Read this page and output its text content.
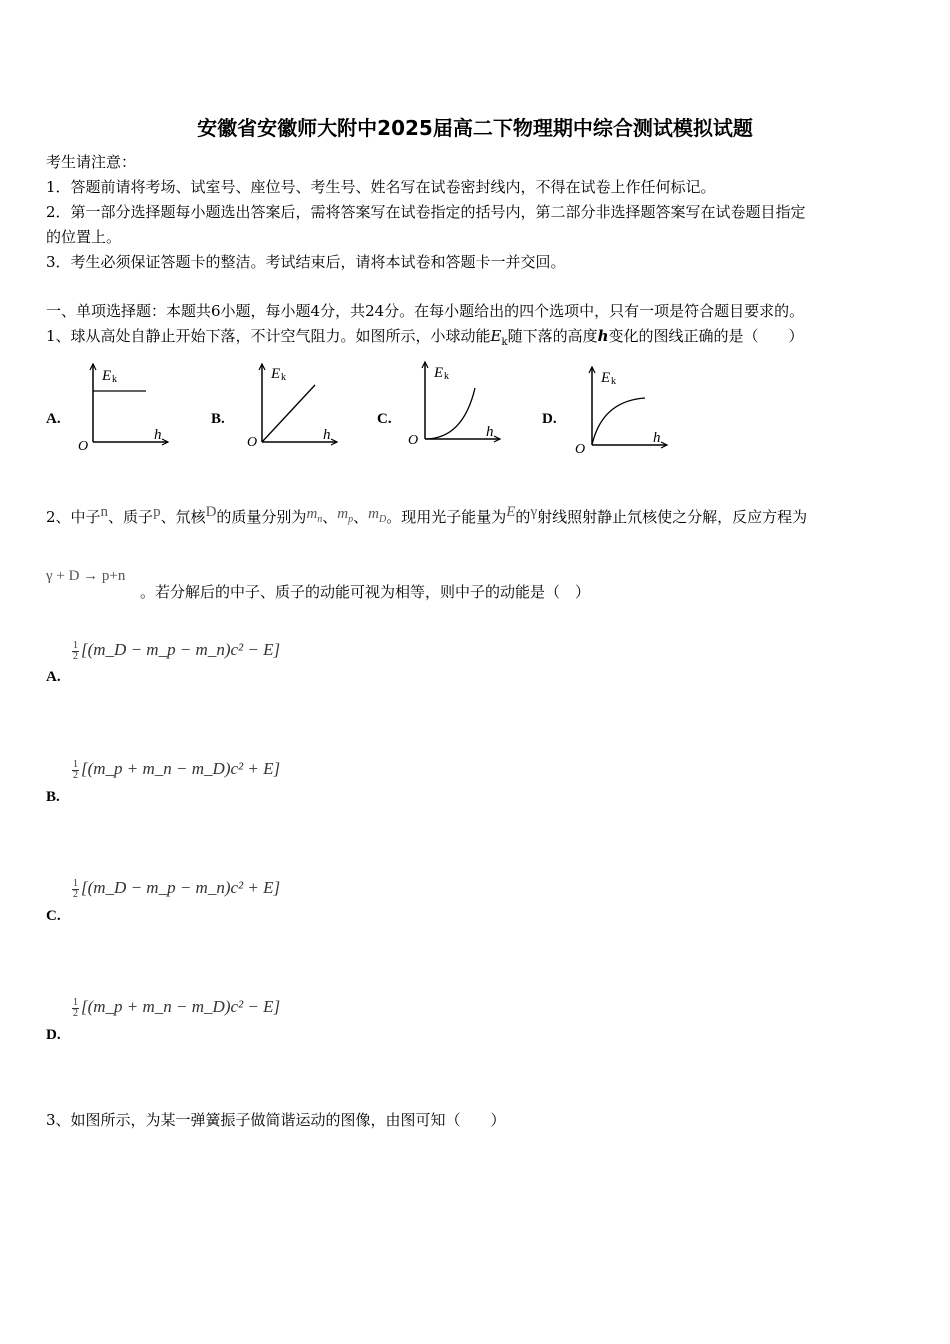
安徽省安徽师大附中2025届高二下物理期中综合测试模拟试题
考生请注意：
1．答题前请将考场、试室号、座位号、考生号、姓名写在试卷密封线内，不得在试卷上作任何标记。
2．第一部分选择题每小题选出答案后，需将答案写在试卷指定的括号内，第二部分非选择题答案写在试卷题目指定
的位置上。
3．考生必须保证答题卡的整洁。考试结束后，请将本试卷和答题卡一并交回。
一、单项选择题：本题共6小题，每小题4分，共24分。在每小题给出的四个选项中，只有一项是符合题目要求的。
1、球从高处自静止开始下落，不计空气阻力。如图所示，小球动能$E_k$随下落的高度h变化的图线正确的是（　　）
A.
E k
h
O
B.
E k
h
O
C.
E k
h
O
D.
E k
h
O
2、中子n、质子p、氘核D的质量分别为$m_n$、$m_p$、$m_D$。现用光子能量为E的γ射线照射静止氘核使之分解，反应方程为
γ + D → p+n
。若分解后的中子、质子的动能可视为相等，则中子的动能是（　）
$\frac{1}{2}$ [(m_D − m_p − m_n)c² − E]
A.
$\frac{1}{2}$ [(m_p + m_n − m_D)c² + E]
B.
$\frac{1}{2}$ [(m_D − m_p − m_n)c² + E]
C.
$\frac{1}{2}$ [(m_p + m_n − m_D)c² − E]
D.
3、如图所示，为某一弹簧振子做简谐运动的图像，由图可知（　　）
